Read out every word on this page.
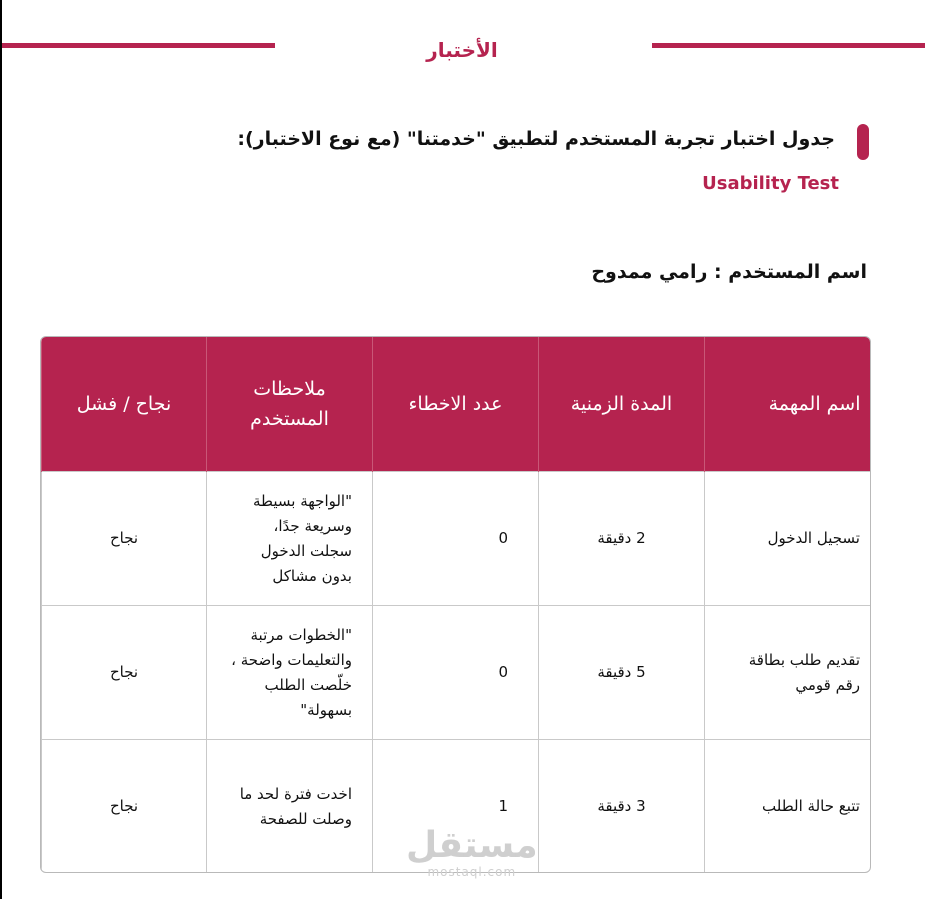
الأختبار
جدول اختبار تجربة المستخدم لتطبيق "خدمتنا" (مع نوع الاختبار):
Usability Test
اسم المستخدم : رامي ممدوح
اسم المهمة	المدة الزمنية	عدد الاخطاء	ملاحظات المستخدم	نجاح / فشل
تسجيل الدخول	2 دقيقة	0	"الواجهة بسيطة وسريعة جدًا، سجلت الدخول بدون مشاكل	نجاح

تقديم طلب بطاقة رقم قومي	5 دقيقة	0	"الخطوات مرتبة والتعليمات واضحة ، خلّصت الطلب بسهولة"	نجاح
تتبع حالة الطلب	3 دقيقة	1	اخدت فترة لحد ما وصلت للصفحة	نجاح
مستقل
mostaql.com
